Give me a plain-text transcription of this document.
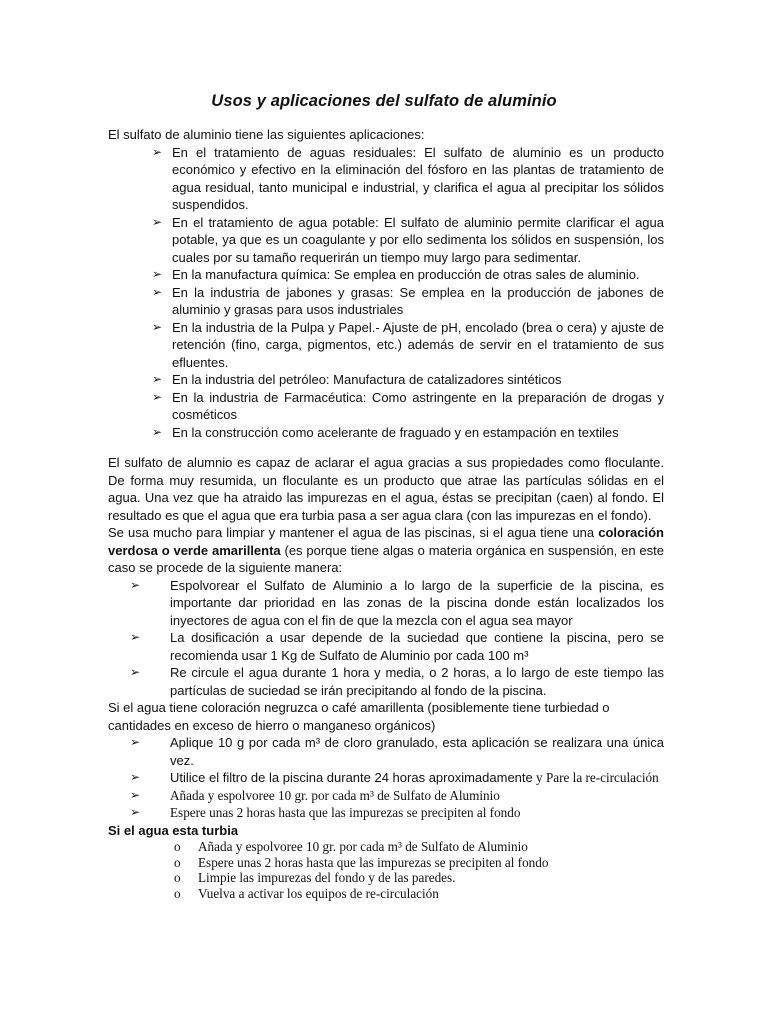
Usos y aplicaciones del sulfato de aluminio
El sulfato de aluminio tiene las siguientes aplicaciones:
➢ En el tratamiento de aguas residuales: El sulfato de aluminio es un producto económico y efectivo en la eliminación del fósforo en las plantas de tratamiento de agua residual, tanto municipal e industrial, y clarifica el agua al precipitar los sólidos suspendidos.
➢ En el tratamiento de agua potable: El sulfato de aluminio permite clarificar el agua potable, ya que es un coagulante y por ello sedimenta los sólidos en suspensión, los cuales por su tamaño requerirán un tiempo muy largo para sedimentar.
➢ En la manufactura química: Se emplea en producción de otras sales de aluminio.
➢ En la industria de jabones y grasas: Se emplea en la producción de jabones de aluminio y grasas para usos industriales
➢ En la industria de la Pulpa y Papel.- Ajuste de pH, encolado (brea o cera) y ajuste de retención (fino, carga, pigmentos, etc.) además de servir en el tratamiento de sus efluentes.
➢ En la industria del petróleo: Manufactura de catalizadores sintéticos
➢ En la industria de Farmacéutica: Como astringente en la preparación de drogas y cosméticos
➢ En la construcción como acelerante de fraguado y en estampación en textiles
El sulfato de alumnio es capaz de aclarar el agua gracias a sus propiedades como floculante. De forma muy resumida, un floculante es un producto que atrae las partículas sólidas en el agua. Una vez que ha atraido las impurezas en el agua, éstas se precipitan (caen) al fondo. El resultado es que el agua que era turbia pasa a ser agua clara (con las impurezas en el fondo).
Se usa mucho para limpiar y mantener el agua de las piscinas, si el agua tiene una coloración verdosa o verde amarillenta (es porque tiene algas o materia orgánica en suspensión, en este caso se procede de la siguiente manera:
➢ Espolvorear el Sulfato de Aluminio a lo largo de la superficie de la piscina, es importante dar prioridad en las zonas de la piscina donde están localizados los inyectores de agua con el fin de que la mezcla con el agua sea mayor
➢ La dosificación a usar depende de la suciedad que contiene la piscina, pero se recomienda usar 1 Kg de Sulfato de Aluminio por cada 100 m³
➢ Re circule el agua durante 1 hora y media, o 2 horas, a lo largo de este tiempo las partículas de suciedad se irán precipitando al fondo de la piscina.
Si el agua tiene coloración negruzca o café amarillenta (posiblemente tiene turbiedad o cantidades en exceso de hierro o manganeso orgánicos)
➢ Aplique 10 g por cada m³ de cloro granulado, esta aplicación se realizara una única vez.
➢ Utilice el filtro de la piscina durante 24 horas aproximadamente y Pare la re-circulación
➢ Añada y espolvoree 10 gr. por cada m³ de Sulfato de Aluminio
➢ Espere unas 2 horas hasta que las impurezas se precipiten al fondo
Si el agua esta turbia
o Añada y espolvoree 10 gr. por cada m³ de Sulfato de Aluminio
o Espere unas 2 horas hasta que las impurezas se precipiten al fondo
o Limpie las impurezas del fondo y de las paredes.
o Vuelva a activar los equipos de re-circulación
